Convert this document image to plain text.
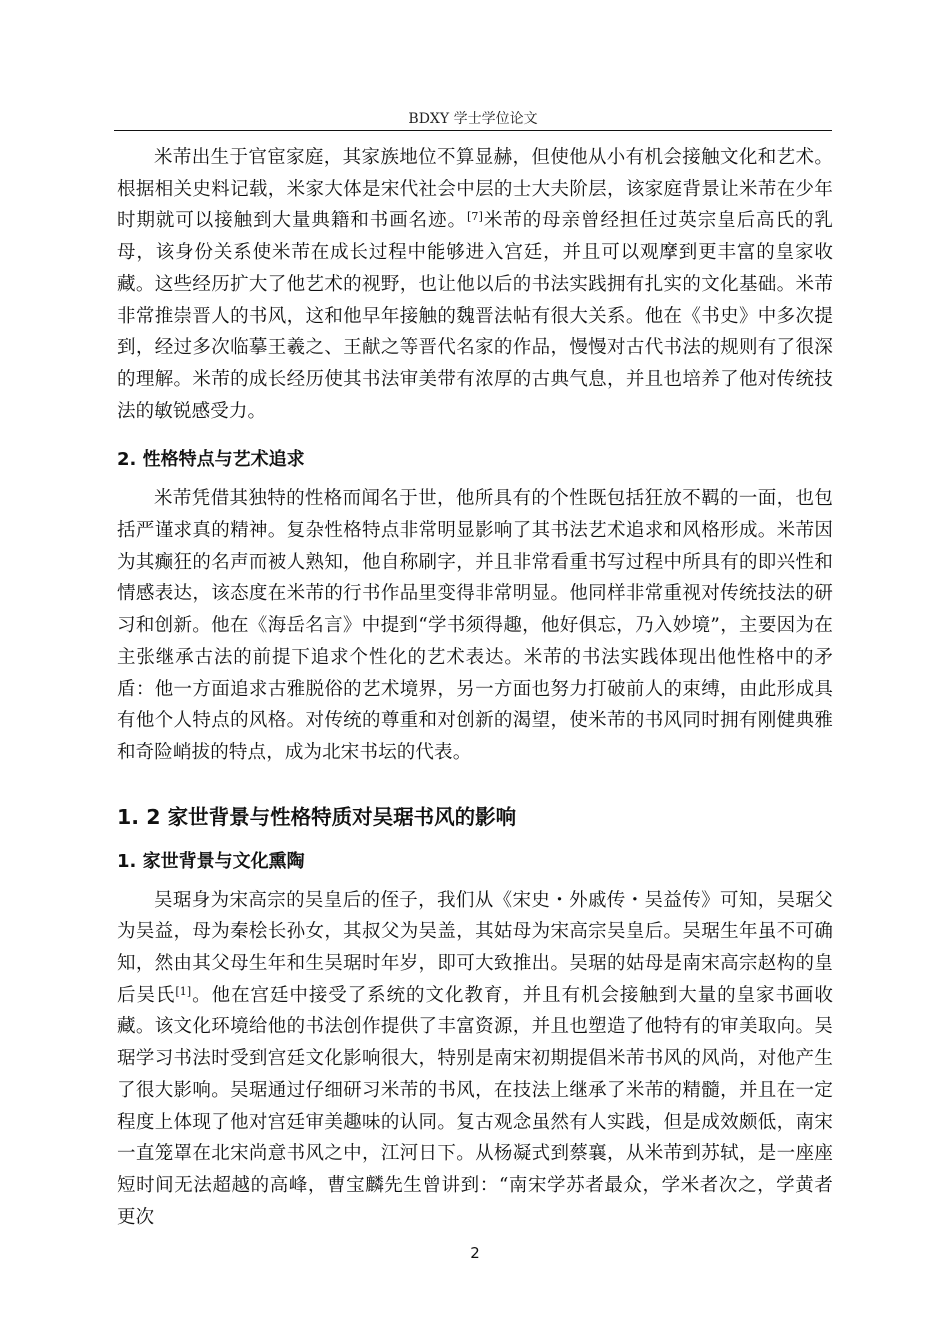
BDXY 学士学位论文

米芾出生于官宦家庭，其家族地位不算显赫，但使他从小有机会接触文化和艺术。根据相关史料记载，米家大体是宋代社会中层的士大夫阶层，该家庭背景让米芾在少年时期就可以接触到大量典籍和书画名迹。[7]米芾的母亲曾经担任过英宗皇后高氏的乳母，该身份关系使米芾在成长过程中能够进入宫廷，并且可以观摩到更丰富的皇家收藏。这些经历扩大了他艺术的视野，也让他以后的书法实践拥有扎实的文化基础。米芾非常推崇晋人的书风，这和他早年接触的魏晋法帖有很大关系。他在《书史》中多次提到，经过多次临摹王羲之、王献之等晋代名家的作品，慢慢对古代书法的规则有了很深的理解。米芾的成长经历使其书法审美带有浓厚的古典气息，并且也培养了他对传统技法的敏锐感受力。

2. 性格特点与艺术追求

米芾凭借其独特的性格而闻名于世，他所具有的个性既包括狂放不羁的一面，也包括严谨求真的精神。复杂性格特点非常明显影响了其书法艺术追求和风格形成。米芾因为其癫狂的名声而被人熟知，他自称刷字，并且非常看重书写过程中所具有的即兴性和情感表达，该态度在米芾的行书作品里变得非常明显。他同样非常重视对传统技法的研习和创新。他在《海岳名言》中提到“学书须得趣，他好俱忘，乃入妙境”，主要因为在主张继承古法的前提下追求个性化的艺术表达。米芾的书法实践体现出他性格中的矛盾：他一方面追求古雅脱俗的艺术境界，另一方面也努力打破前人的束缚，由此形成具有他个人特点的风格。对传统的尊重和对创新的渴望，使米芾的书风同时拥有刚健典雅和奇险峭拔的特点，成为北宋书坛的代表。

1. 2 家世背景与性格特质对吴琚书风的影响
1. 家世背景与文化熏陶

吴琚身为宋高宗的吴皇后的侄子，我们从《宋史・外戚传・吴益传》可知，吴琚父为吴益，母为秦桧长孙女，其叔父为吴盖，其姑母为宋高宗吴皇后。吴琚生年虽不可确知，然由其父母生年和生吴琚时年岁，即可大致推出。吴琚的姑母是南宋高宗赵构的皇后吴氏[1]。他在宫廷中接受了系统的文化教育，并且有机会接触到大量的皇家书画收藏。该文化环境给他的书法创作提供了丰富资源，并且也塑造了他特有的审美取向。吴琚学习书法时受到宫廷文化影响很大，特别是南宋初期提倡米芾书风的风尚，对他产生了很大影响。吴琚通过仔细研习米芾的书风，在技法上继承了米芾的精髓，并且在一定程度上体现了他对宫廷审美趣味的认同。复古观念虽然有人实践，但是成效颇低，南宋一直笼罩在北宋尚意书风之中，江河日下。从杨凝式到蔡襄，从米芾到苏轼，是一座座短时间无法超越的高峰，曹宝麟先生曾讲到：“南宋学苏者最众，学米者次之，学黄者更次

2
